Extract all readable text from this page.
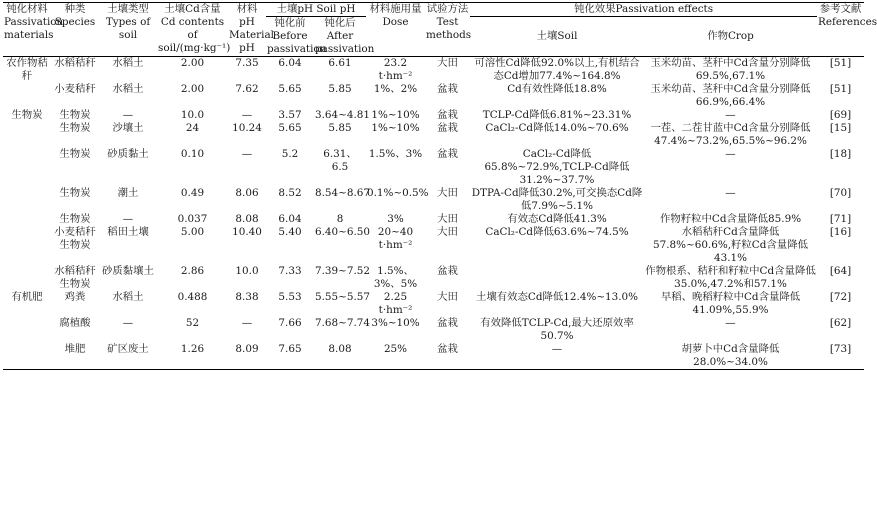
钝化材料 Passivation materials	种类 Species	土壤类型 Types of soil	土壤Cd含量 Cd contents of soil/(mg·kg⁻¹)	材料pH Material pH	土壤pH Soil pH		材料施用量 Dose	试验方法 Test methods	钝化效果Passivation effects		参考文献 References
					钝化前 Before passivation	钝化后 After passivation			土壤Soil	作物Crop	
农作物秸秆	水稻秸秆	水稻土	2.00	7.35	6.04	6.61	23.2 t·hm⁻²	大田	可溶性Cd降低92.0%以上,有机结合态Cd增加77.4%~164.8%	玉米幼苗、茎秆中Cd含量分别降低69.5%,67.1%	[51]
	小麦秸秆	水稻土	2.00	7.62	5.65	5.85	1%、2%	盆栽	Cd有效性降低18.8%	玉米幼苗、茎秆中Cd含量分别降低66.9%,66.4%	[51]
生物炭	生物炭	—	10.0	—	3.57	3.64~4.81	1%~10%	盆栽	TCLP-Cd降低6.81%~23.31%	—	[69]
	生物炭	沙壤土	24	10.24	5.65	5.85	1%~10%	盆栽	CaCl₂-Cd降低14.0%~70.6%	一茬、二茬甘蓝中Cd含量分别降低47.4%~73.2%,65.5%~96.2%	[15]
	生物炭	砂质黏土	0.10	—	5.2	6.31、6.5	1.5%、3%	盆栽	CaCl₂-Cd降低65.8%~72.9%,TCLP-Cd降低31.2%~37.7%	—	[18]
	生物炭	潮土	0.49	8.06	8.52	8.54~8.67	0.1%~0.5%	大田	DTPA-Cd降低30.2%,可交换态Cd降低7.9%~5.1%	—	[70]
	生物炭	—	0.037	8.08	6.04	8	3%	大田	有效态Cd降低41.3%	作物籽粒中Cd含量降低85.9%	[71]
	小麦秸秆生物炭	稻田土壤	5.00	10.40	5.40	6.40~6.50	20~40 t·hm⁻²	大田	CaCl₂-Cd降低63.6%~74.5%	水稻秸秆Cd含量降低57.8%~60.6%,籽粒Cd含量降低43.1%	[16]
	水稻秸秆生物炭	砂质黏壤土	2.86	10.0	7.33	7.39~7.52	1.5%、3%、5%	盆栽		作物根系、秸秆和籽粒中Cd含量降低35.0%,47.2%和57.1%	[64]
有机肥	鸡粪	水稻土	0.488	8.38	5.53	5.55~5.57	2.25 t·hm⁻²	大田	土壤有效态Cd降低12.4%~13.0%	早稻、晚稻籽粒中Cd含量降低41.09%,55.9%	[72]
	腐植酸	—	52	—	7.66	7.68~7.74	3%~10%	盆栽	有效降低TCLP-Cd,最大还原效率50.7%	—	[62]
	堆肥	矿区废土	1.26	8.09	7.65	8.08	25%	盆栽	—	胡萝卜中Cd含量降低28.0%~34.0%	[73]
